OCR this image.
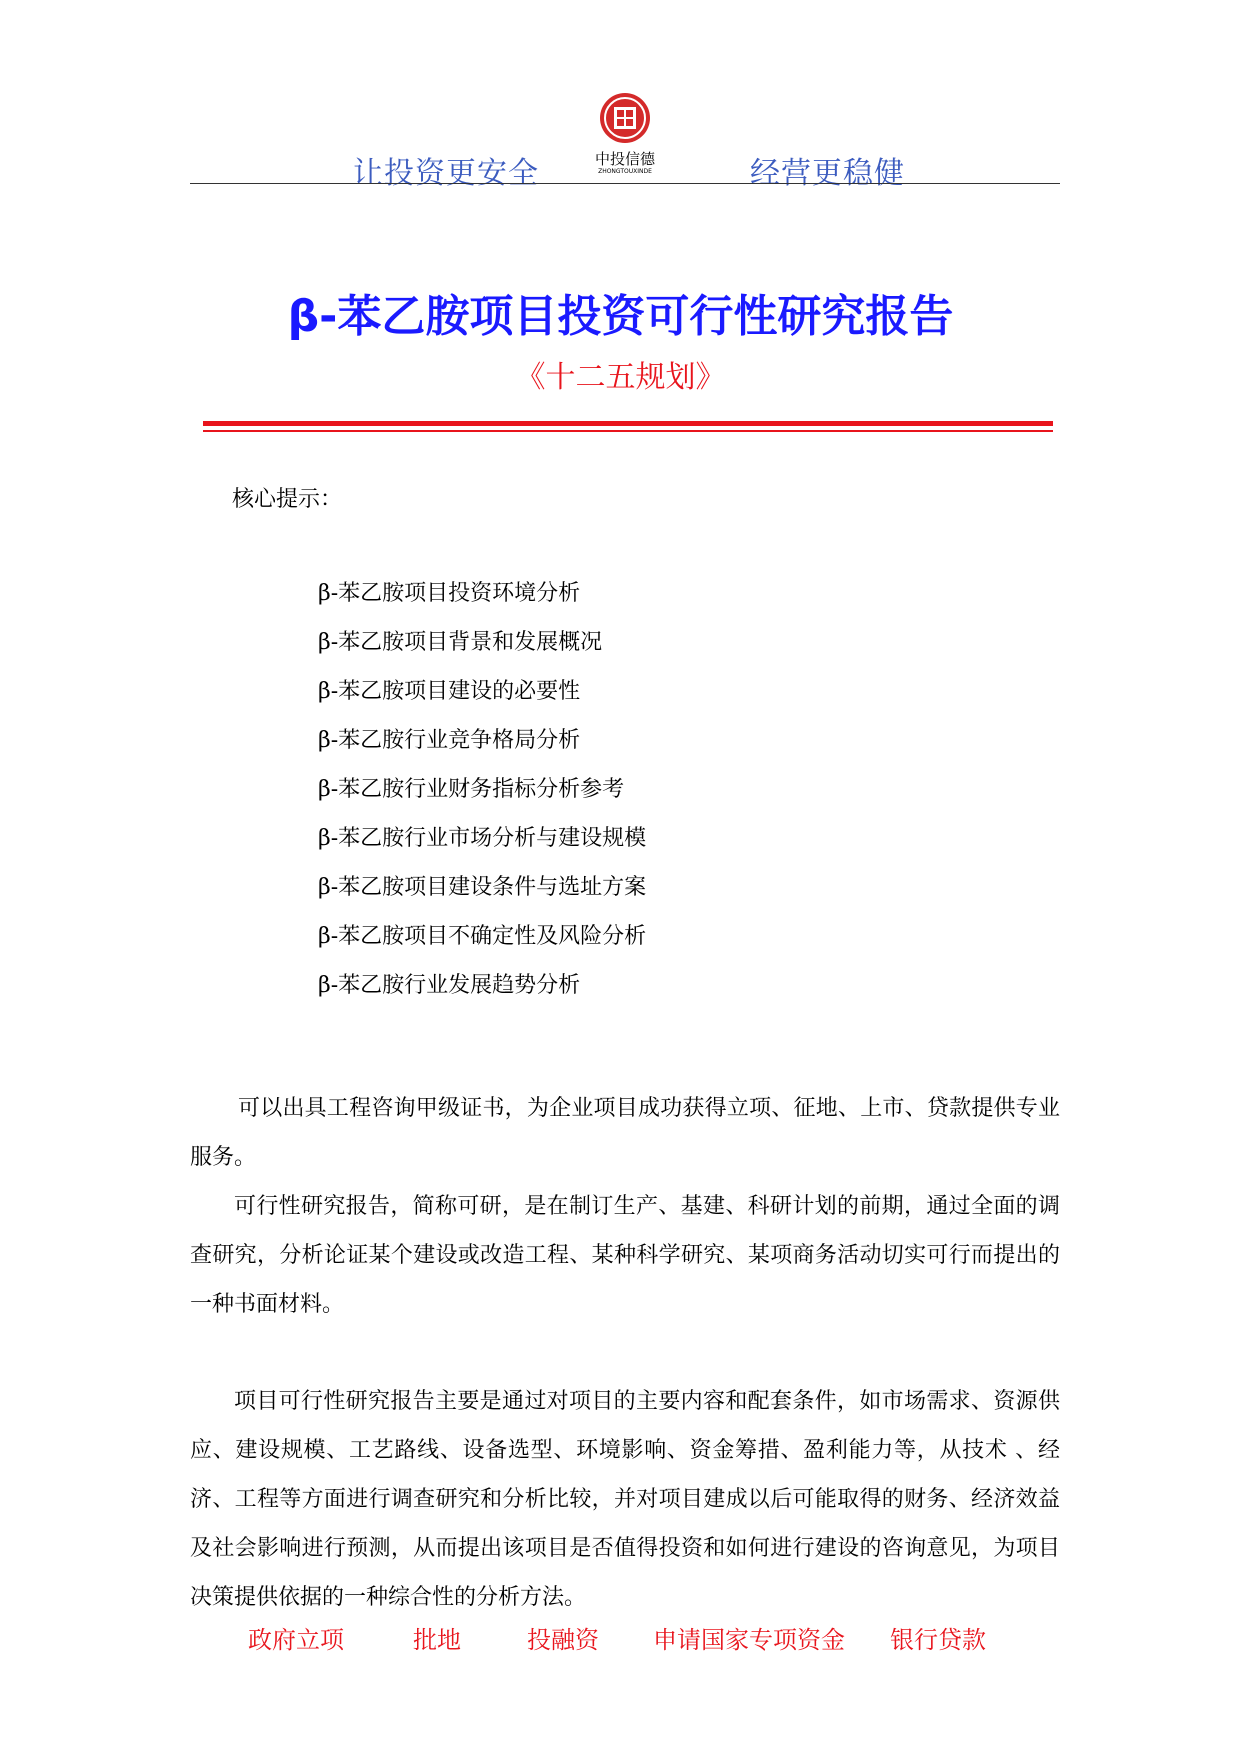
让投资更安全	中投信德
ZHONGTOUXINDE	经营更稳健
β-苯乙胺项目投资可行性研究报告
《十二五规划》
核心提示：
β-苯乙胺项目投资环境分析
β-苯乙胺项目背景和发展概况
β-苯乙胺项目建设的必要性
β-苯乙胺行业竞争格局分析
β-苯乙胺行业财务指标分析参考
β-苯乙胺行业市场分析与建设规模
β-苯乙胺项目建设条件与选址方案
β-苯乙胺项目不确定性及风险分析
β-苯乙胺行业发展趋势分析

可以出具工程咨询甲级证书，为企业项目成功获得立项、征地、上市、贷款提供专业服务。

可行性研究报告，简称可研，是在制订生产、基建、科研计划的前期，通过全面的调查研究，分析论证某个建设或改造工程、某种科学研究、某项商务活动切实可行而提出的一种书面材料。

项目可行性研究报告主要是通过对项目的主要内容和配套条件，如市场需求、资源供应、建设规模、工艺路线、设备选型、环境影响、资金筹措、盈利能力等，从技术 、经济、工程等方面进行调查研究和分析比较，并对项目建成以后可能取得的财务、经济效益及社会影响进行预测，从而提出该项目是否值得投资和如何进行建设的咨询意见，为项目决策提供依据的一种综合性的分析方法。

政府立项	批地	投融资 申请国家专项资金 银行贷款
